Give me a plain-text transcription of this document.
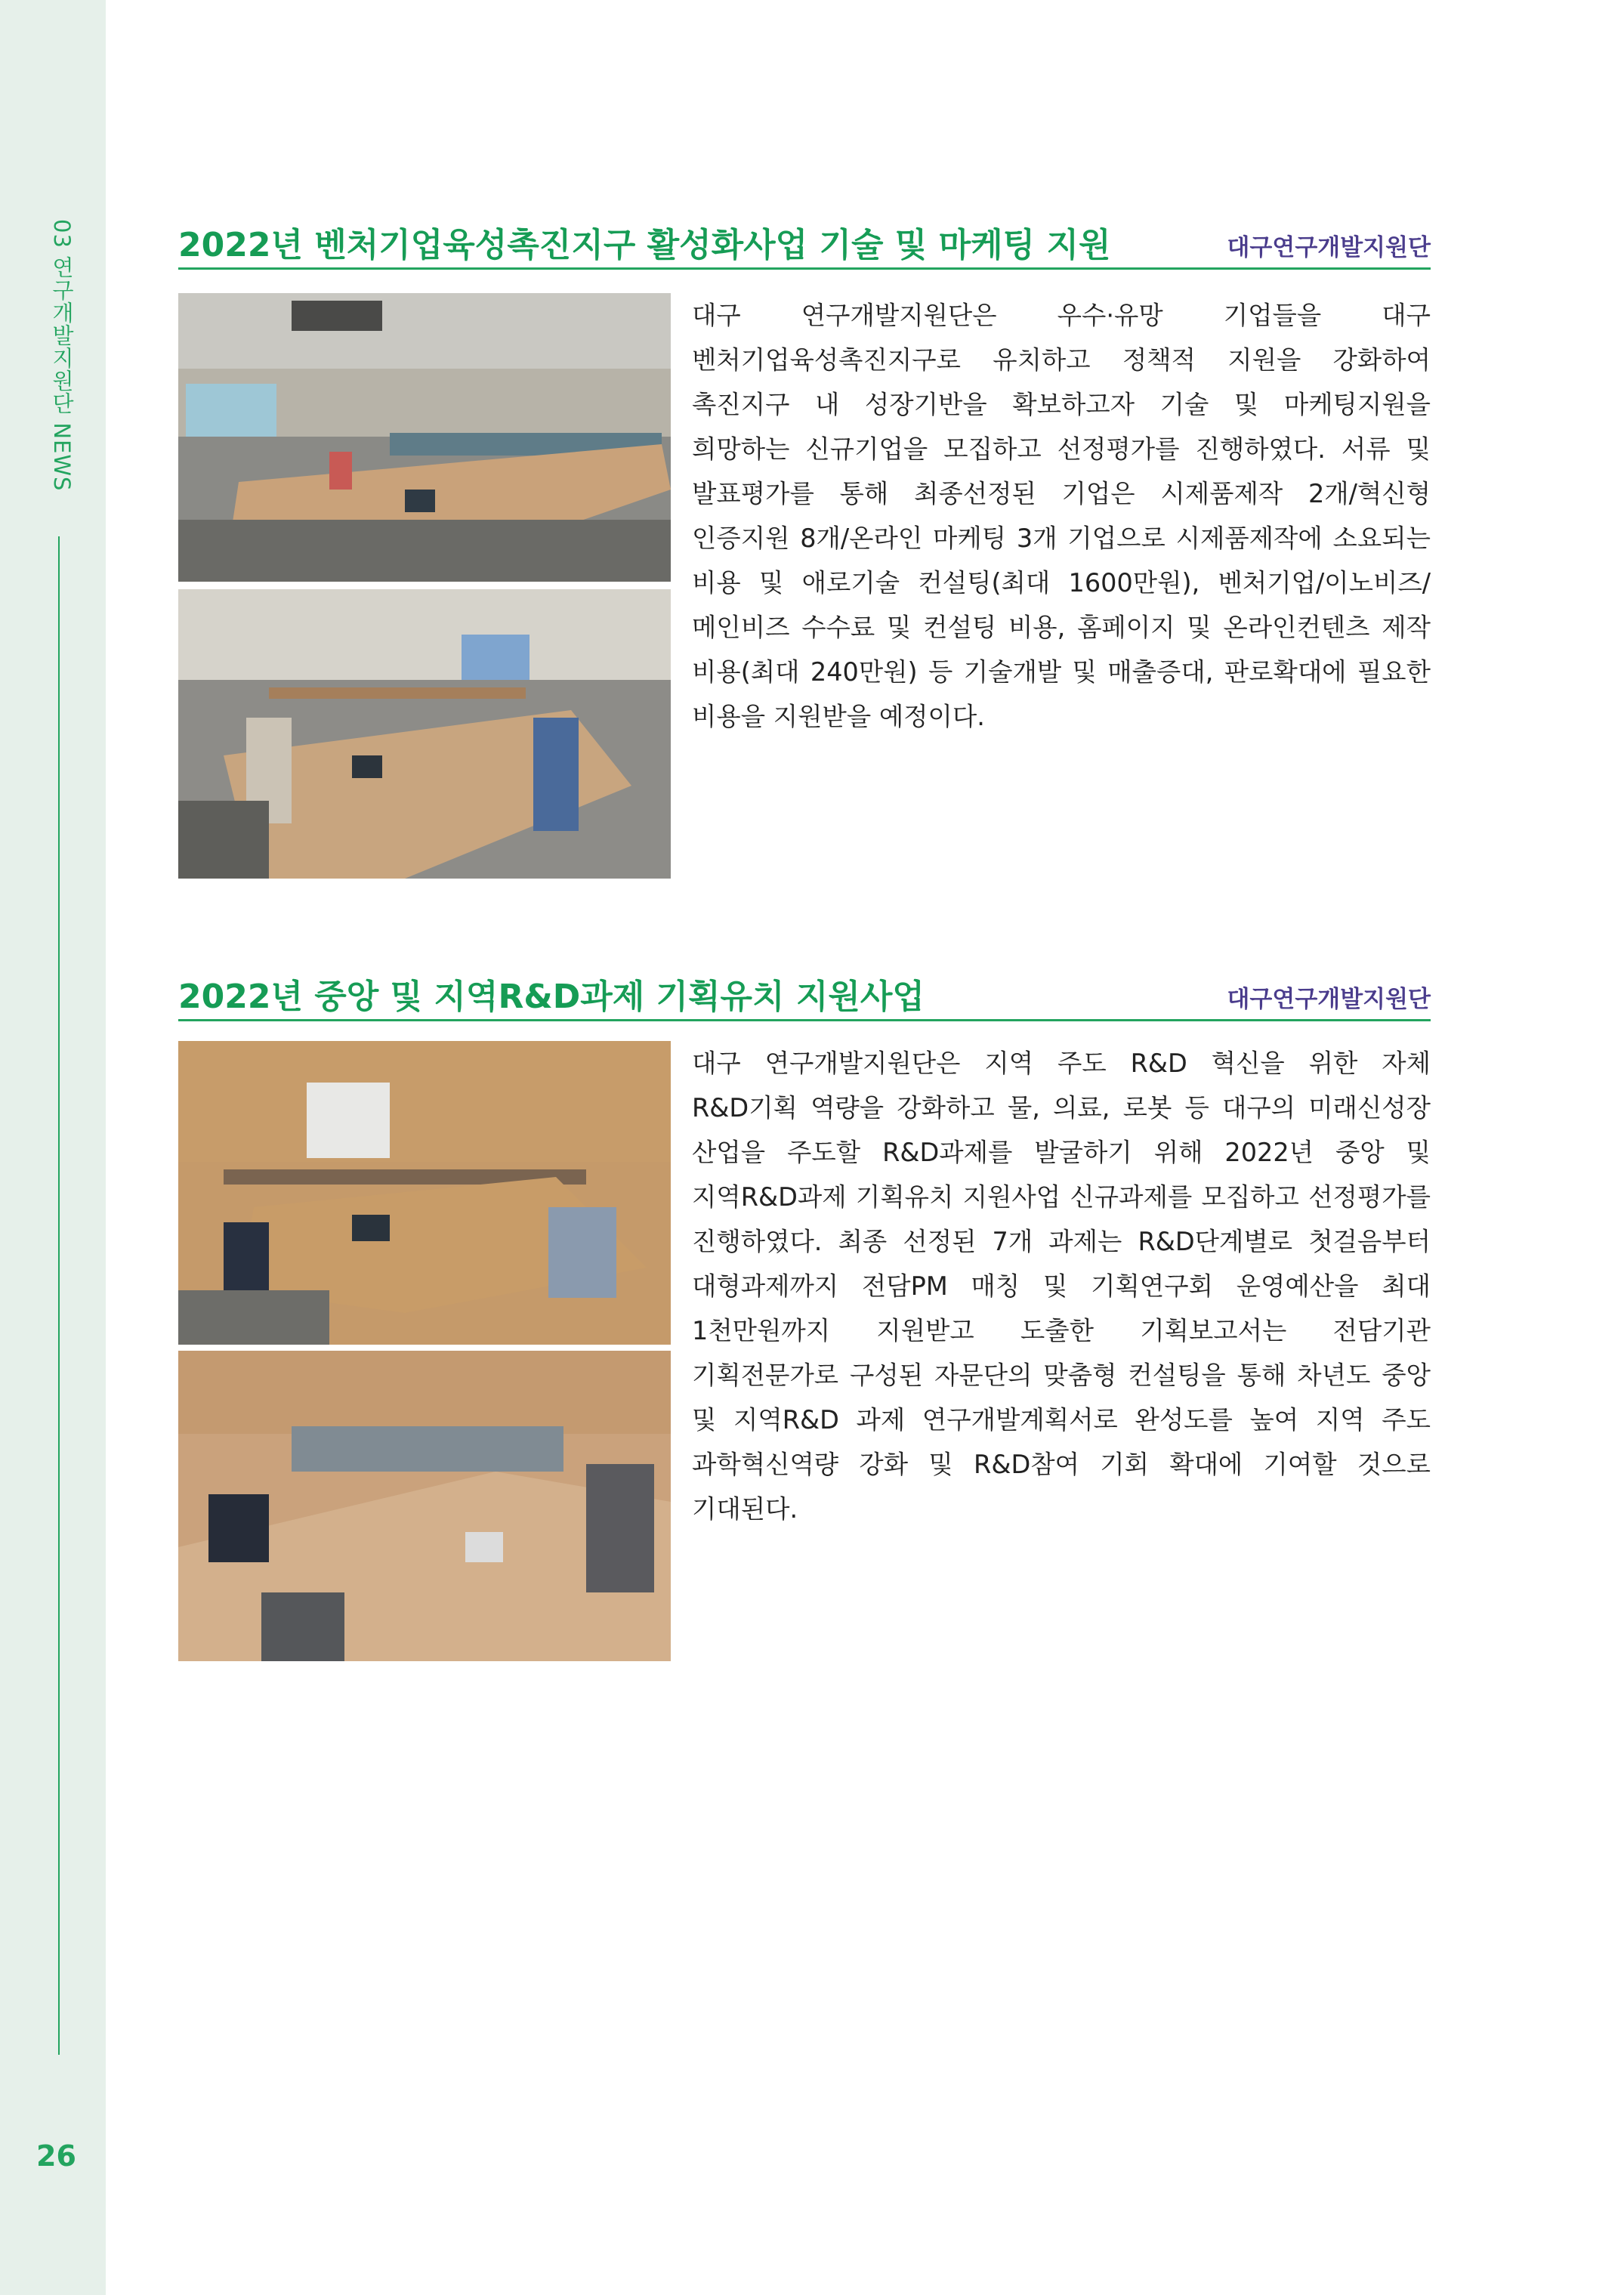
03 연구개발지원단 NEWS
26
2022년 벤처기업육성촉진지구 활성화사업 기술 및 마케팅 지원	대구연구개발지원단

대구 연구개발지원단은 우수·유망 기업들을 대구 벤처기업육성촉진지구로 유치하고 정책적 지원을 강화하여 촉진지구 내 성장기반을 확보하고자 기술 및 마케팅지원을 희망하는 신규기업을 모집하고 선정평가를 진행하였다. 서류 및 발표평가를 통해 최종선정된 기업은 시제품제작 2개/혁신형 인증지원 8개/온라인 마케팅 3개 기업으로 시제품제작에 소요되는 비용 및 애로기술 컨설팅(최대 1600만원), 벤처기업/이노비즈/메인비즈 수수료 및 컨설팅 비용, 홈페이지 및 온라인컨텐츠 제작 비용(최대 240만원) 등 기술개발 및 매출증대, 판로확대에 필요한 비용을 지원받을 예정이다.

2022년 중앙 및 지역R&D과제 기획유치 지원사업	대구연구개발지원단

대구 연구개발지원단은 지역 주도 R&D 혁신을 위한 자체 R&D기획 역량을 강화하고 물, 의료, 로봇 등 대구의 미래신성장 산업을 주도할 R&D과제를 발굴하기 위해 2022년 중앙 및 지역R&D과제 기획유치 지원사업 신규과제를 모집하고 선정평가를 진행하였다. 최종 선정된 7개 과제는 R&D단계별로 첫걸음부터 대형과제까지 전담PM 매칭 및 기획연구회 운영예산을 최대 1천만원까지 지원받고 도출한 기획보고서는 전담기관 기획전문가로 구성된 자문단의 맞춤형 컨설팅을 통해 차년도 중앙 및 지역R&D 과제 연구개발계획서로 완성도를 높여 지역 주도 과학혁신역량 강화 및 R&D참여 기회 확대에 기여할 것으로 기대된다.
